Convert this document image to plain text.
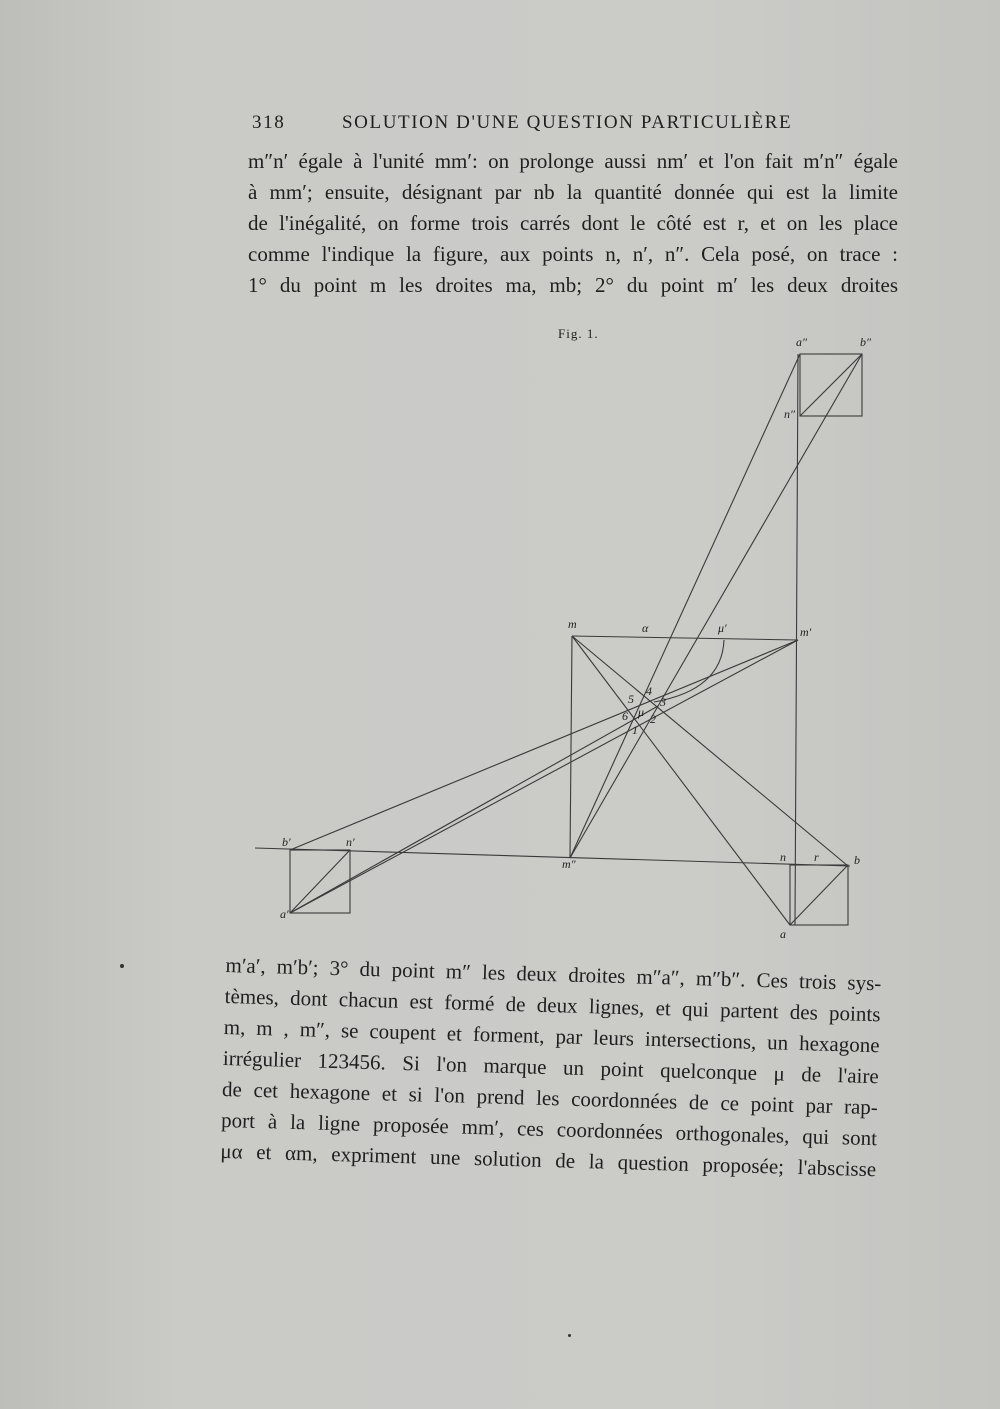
318	SOLUTION D'UNE QUESTION PARTICULIÈRE
m″n′ égale à l'unité mm′: on prolonge aussi nm′ et l'on fait m′n″ égale
à mm′; ensuite, désignant par nb la quantité donnée qui est la limite
de l'inégalité, on forme trois carrés dont le côté est r, et on les place
comme l'indique la figure, aux points n, n′, n″. Cela posé, on trace :
1° du point m les droites ma, mb; 2° du point m′ les deux droites
Fig. 1.
a″	b″
n″
m	α	μ′	m′
5
4
3
6 μ 2
1
b′	n′
m″	n r	b
a′
a
m′a′, m′b′; 3° du point m″ les deux droites m″a″, m″b″. Ces trois sys-
tèmes, dont chacun est formé de deux lignes, et qui partent des points
m, m , m″, se coupent et forment, par leurs intersections, un hexagone
irrégulier 123456. Si l'on marque un point quelconque μ de l'aire
de cet hexagone et si l'on prend les coordonnées de ce point par rap-
port à la ligne proposée mm′, ces coordonnées orthogonales, qui sont
μα et αm, expriment une solution de la question proposée; l'abscisse
